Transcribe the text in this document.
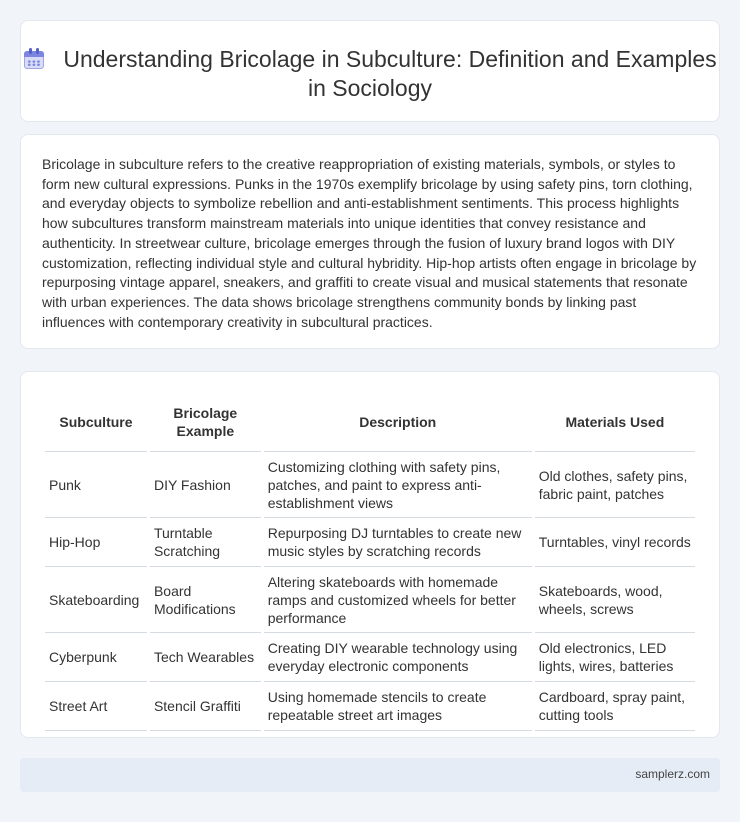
Understanding Bricolage in Subculture: Definition and Examples in Sociology

Bricolage in subculture refers to the creative reappropriation of existing materials, symbols, or styles to form new cultural expressions. Punks in the 1970s exemplify bricolage by using safety pins, torn clothing, and everyday objects to symbolize rebellion and anti-establishment sentiments. This process highlights how subcultures transform mainstream materials into unique identities that convey resistance and authenticity. In streetwear culture, bricolage emerges through the fusion of luxury brand logos with DIY customization, reflecting individual style and cultural hybridity. Hip-hop artists often engage in bricolage by repurposing vintage apparel, sneakers, and graffiti to create visual and musical statements that resonate with urban experiences. The data shows bricolage strengthens community bonds by linking past influences with contemporary creativity in subcultural practices.

Subculture	Bricolage Example	Description	Materials Used
Punk	DIY Fashion	Customizing clothing with safety pins, patches, and paint to express anti-establishment views	Old clothes, safety pins, fabric paint, patches
Hip-Hop	Turntable Scratching	Repurposing DJ turntables to create new music styles by scratching records	Turntables, vinyl records
Skateboarding	Board Modifications	Altering skateboards with homemade ramps and customized wheels for better performance	Skateboards, wood, wheels, screws
Cyberpunk	Tech Wearables	Creating DIY wearable technology using everyday electronic components	Old electronics, LED lights, wires, batteries
Street Art	Stencil Graffiti	Using homemade stencils to create repeatable street art images	Cardboard, spray paint, cutting tools
samplerz.com
